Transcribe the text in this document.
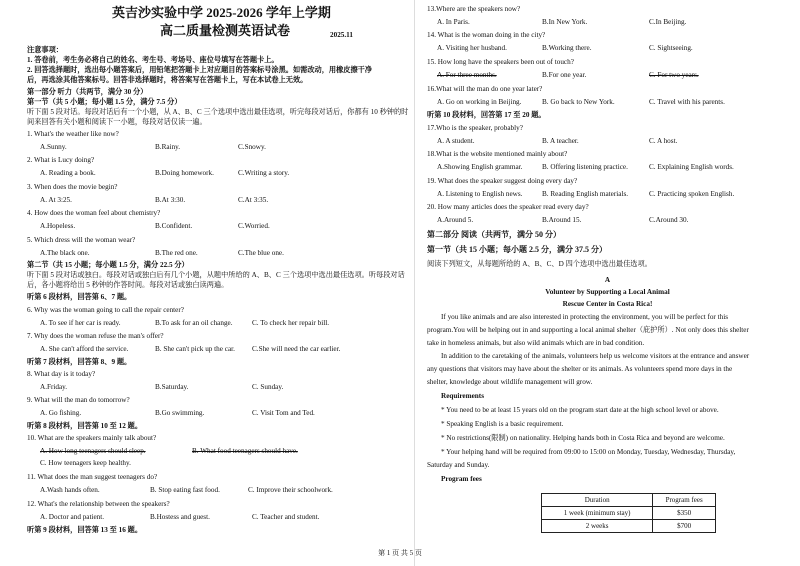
英吉沙实验中学 2025-2026 学年上学期
高二质量检测英语试卷	2025.11
注意事项：
1. 答卷前，考生务必将自己的姓名、考生号、考场号、座位号填写在答题卡上。
2. 回答选择题时，选出每小题答案后，用铅笔把答题卡上对应题目的答案标号涂黑。如需改动，用橡皮擦干净
后，再选涂其他答案标号。回答非选择题时，将答案写在答题卡上，写在本试卷上无效。
第一部分 听力（共两节，满分 30 分）
第一节（共 5 小题；每小题 1.5 分，满分 7.5 分）
听下面 5 段对话。每段对话后有一个小题，从 A、B、C 三个选项中选出最佳选项，听完每段对话后，你都有 10 秒钟的时
间来回答有关小题和阅读下一小题，每段对话仅读一遍。
1. What's the weather like now?
A.Sunny.	B.Rainy.	C.Snowy.
2. What is Lucy doing?
A. Reading a book.	B.Doing homework.	C.Writing a story.
3. When does the movie begin?
A. At 3:25.	B.At 3:30.	C.At 3:35.
4. How does the woman feel about chemistry?
A.Hopeless.	B.Confident.	C.Worried.
5. Which dress will the woman wear?
A.The black one.	B.The red one.	C.The blue one.
第二节（共 15 小题；每小题 1.5 分，满分 22.5 分）
听下面 5 段对话或独白。每段对话或独白后有几个小题，从题中所给的 A、B、C 三个选项中选出最佳选项。听每段对话
后，各小题将给出 5 秒钟的作答时间。每段对话或独白读两遍。
听第 6 段材料，回答第 6、7 题。
6. Why was the woman going to call the repair center?
A. To see if her car is ready.	B.To ask for an oil change.	C. To check her repair bill.
7. Why does the woman refuse the man's offer?
A. She can't afford the service.	B. She can't pick up the car. C.She will need the car earlier.
听第 7 段材料，回答第 8、9 题。
8. What day is it today?
A.Friday.	B.Saturday.	C. Sunday.
9. What will the man do tomorrow?
A. Go fishing.	B.Go swimming.	C. Visit Tom and Ted.
听第 8 段材料，回答第 10 至 12 题。
10. What are the speakers mainly talk about?
A. How long teenagers should sleep.	B. What food teenagers should have.
C. How teenagers keep healthy.
11. What does the man suggest teenagers do?
A.Wash hands often.	B. Stop eating fast food.	C. Improve their schoolwork.
12. What's the relationship between the speakers?
A. Doctor and patient.	B.Hostess and guest.	C. Teacher and student.
听第 9 段材料，回答第 13 至 16 题。
13.Where are the speakers now?
A. In Paris.	B.In New York.	C.In Beijing.
14. What is the woman doing in the city?
A. Visiting her husband.	B.Working there.	C. Sightseeing.
15. How long have the speakers been out of touch?
A. For three months.	B.For one year.	C. For two years.
16.What will the man do one year later?
A. Go on working in Beijing.	B. Go back to New York.	C. Travel with his parents.
听第 10 段材料，回答第 17 至 20 题。
17.Who is the speaker, probably?
A. A student.	B. A teacher.	C. A host.
18.What is the website mentioned mainly about?
A.Showing English grammar.	B. Offering listening practice.	C. Explaining English words.
19. What does the speaker suggest doing every day?
A. Listening to English news.	B. Reading English materials.	C. Practicing spoken English.
20. How many articles does the speaker read every day?
A.Around 5.	B.Around 15.	C.Around 30.
第二部分 阅读（共两节，满分 50 分）
第一节（共 15 小题；每小题 2.5 分，满分 37.5 分）
阅读下列短文，从每题所给的 A、B、C、D 四个选项中选出最佳选项。
A
Volunteer by Supporting a Local Animal
Rescue Center in Costa Rica!
If you like animals and are also interested in protecting the environment, you will be perfect for this
program.You will be helping out in and supporting a local animal shelter（庇护所）. Not only does this shelter
take in homeless animals, but also wild animals which are in bad condition.
In addition to the caretaking of the animals, volunteers help us welcome visitors at the entrance and answer
any questions that visitors may have about the shelter or its animals. As volunteers spend more days in the
shelter, knowledge about wildlife management will grow.
Requirements
* You need to be at least 15 years old on the program start date at the high school level or above.
* Speaking English is a basic requirement.
* No restrictions(限制) on nationality. Helping hands both in Costa Rica and beyond are welcome.
* Your helping hand will be required from 09:00 to 15:00 on Monday, Tuesday, Wednesday, Thursday,
Saturday and Sunday.
Program fees
Duration	Program fees
1 week (minimum stay)	$350
2 weeks	$700
第 1 页 共 5 页
